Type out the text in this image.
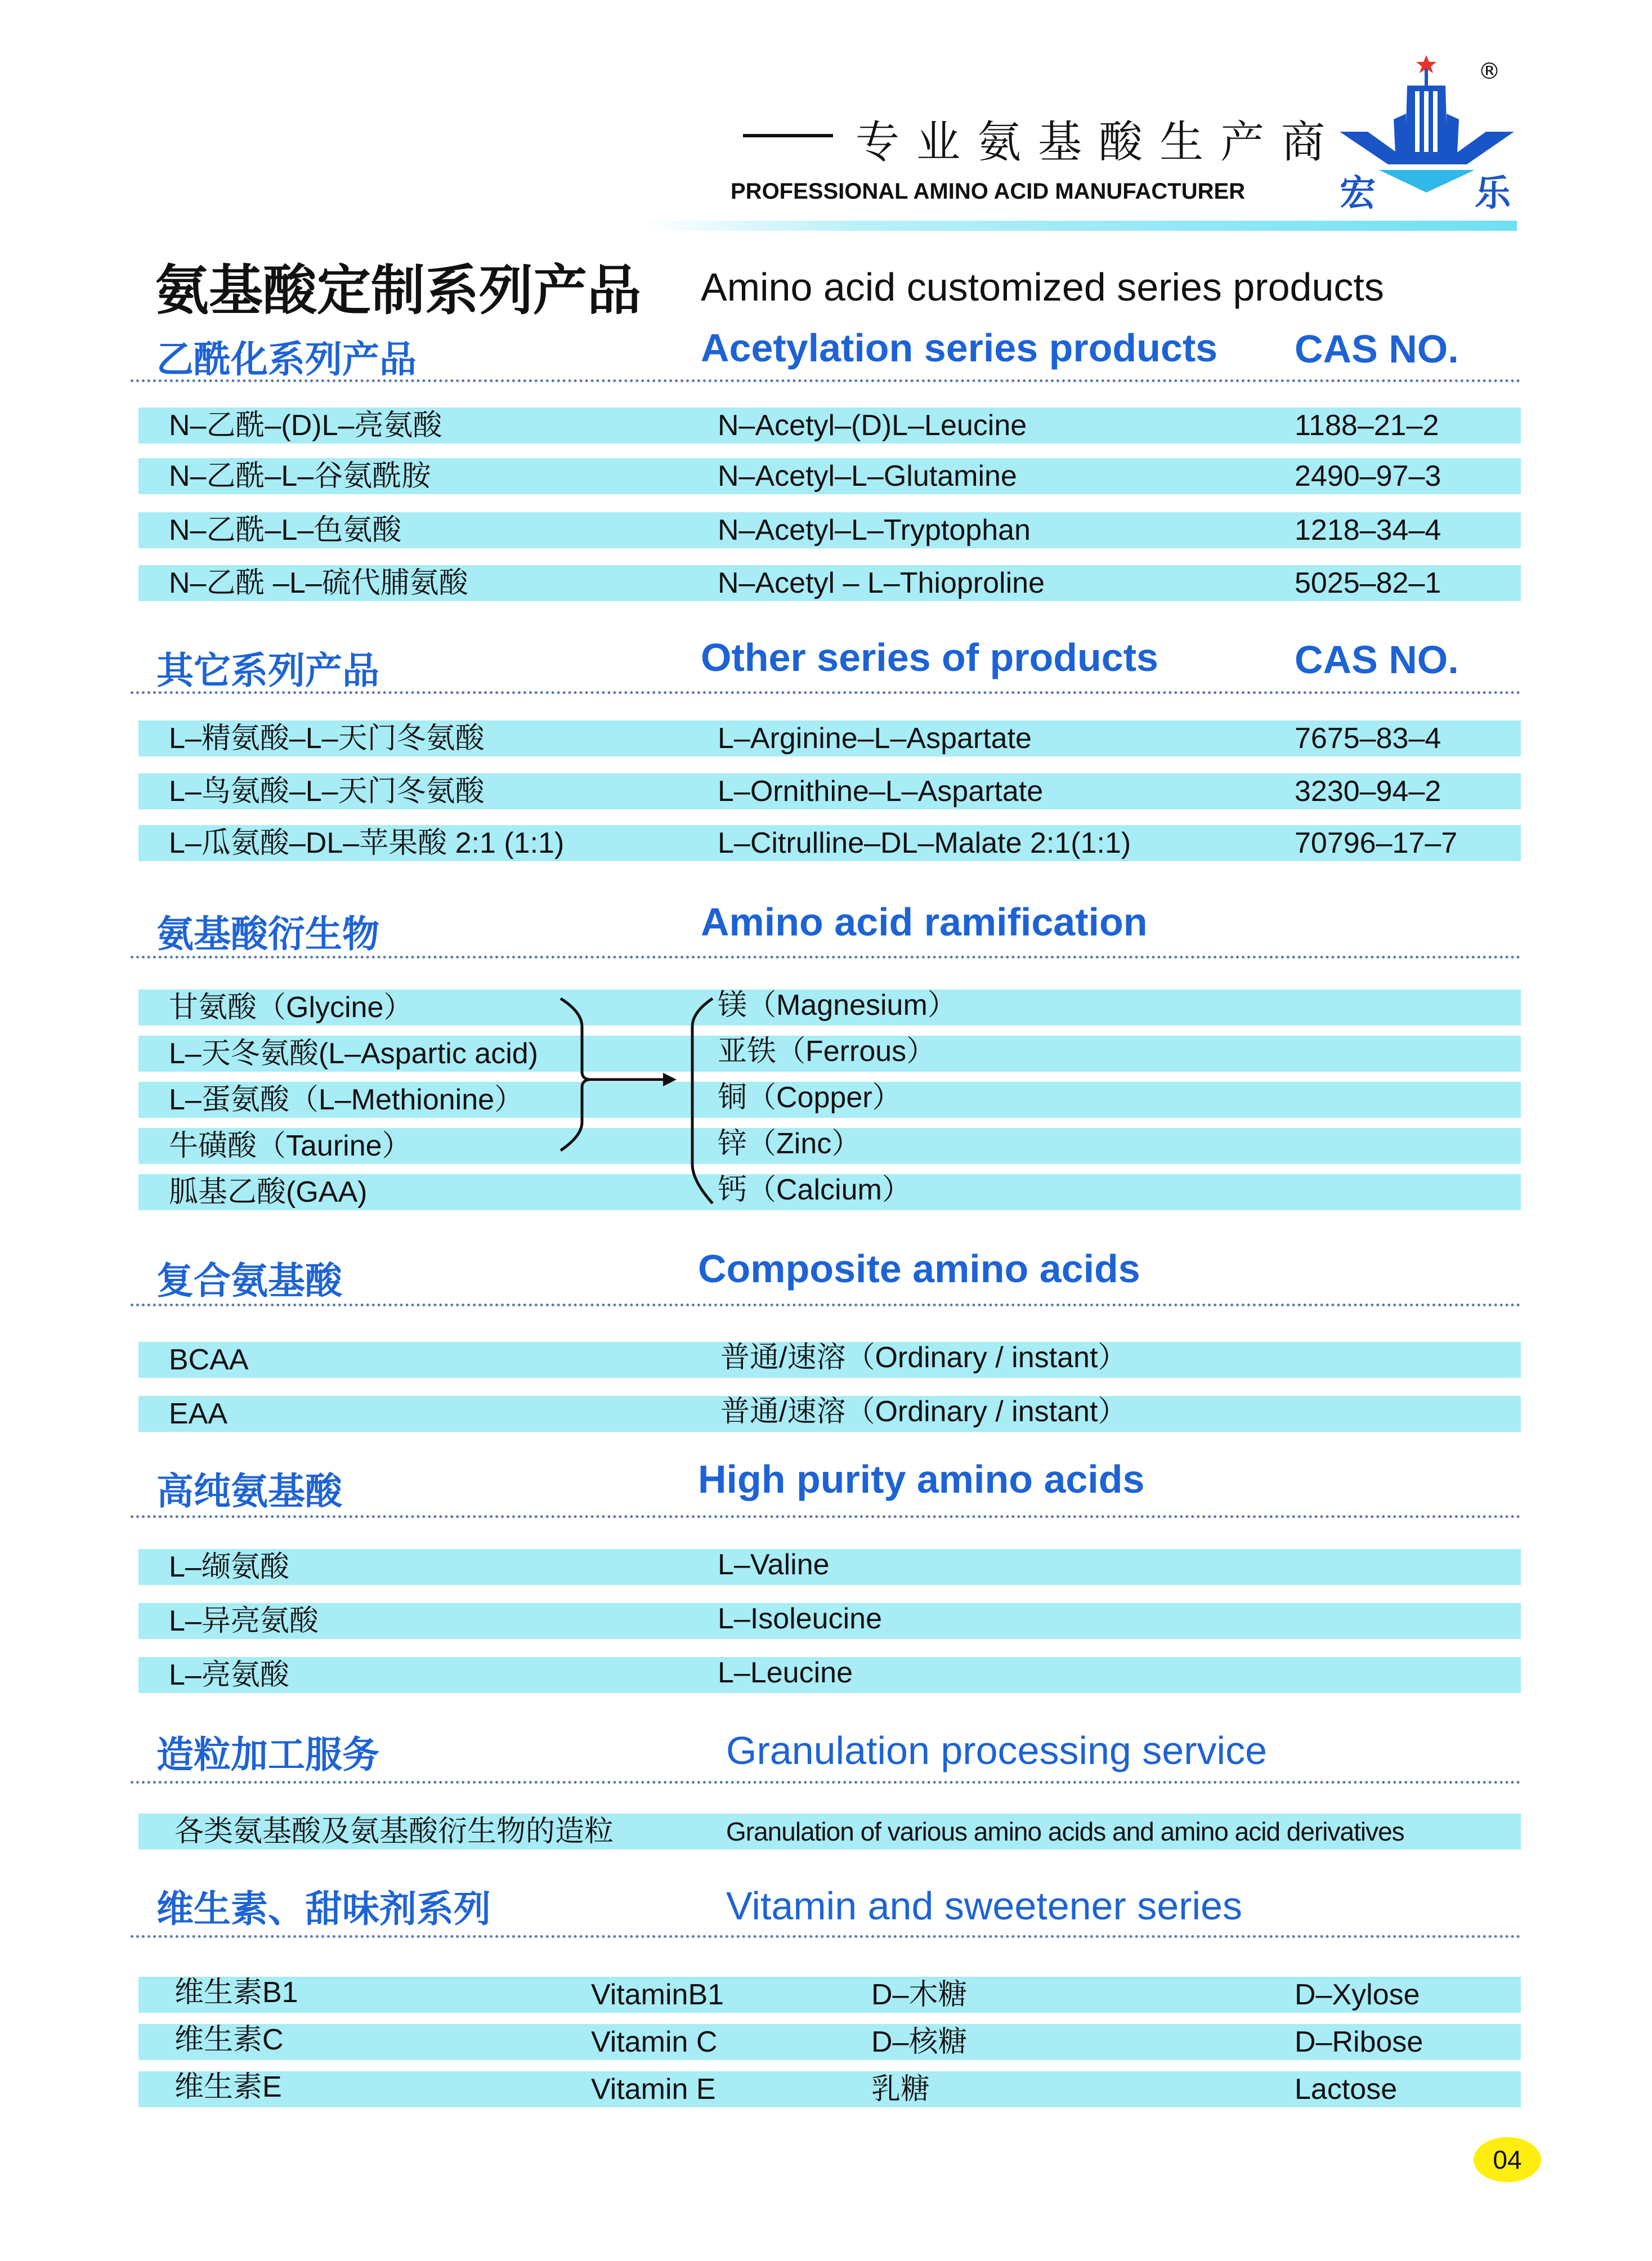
专业氨基酸生产商
PROFESSIONAL AMINO ACID MANUFACTURER	宏	乐
®
氨基酸定制系列产品 Amino acid customized series products
乙酰化系列产品	Acetylation series products CAS NO.
N–乙酰–(D)L–亮氨酸	N–Acetyl–(D)L–Leucine	1188–21–2
N–乙酰–L–谷氨酰胺	N–Acetyl–L–Glutamine	2490–97–3
N–乙酰–L–色氨酸	N–Acetyl–L–Tryptophan	1218–34–4
N–乙酰 –L–硫代脯氨酸	N–Acetyl – L–Thioproline	5025–82–1
其它系列产品	Other series of products	CAS NO.
L–精氨酸–L–天门冬氨酸	L–Arginine–L–Aspartate	7675–83–4
L–鸟氨酸–L–天门冬氨酸	L–Ornithine–L–Aspartate	3230–94–2
L–瓜氨酸–DL–苹果酸 2:1 (1:1)	L–Citrulline–DL–Malate 2:1(1:1)	70796–17–7
氨基酸衍生物	Amino acid ramification
甘氨酸（Glycine）
L–天冬氨酸(L–Aspartic acid)
L–蛋氨酸（L–Methionine）
牛磺酸（Taurine）
胍基乙酸(GAA)
镁（Magnesium）
亚铁（Ferrous）
铜（Copper）
锌（Zinc）
钙（Calcium）
复合氨基酸	Composite amino acids
BCAA	普通/速溶（Ordinary / instant）
EAA	普通/速溶（Ordinary / instant）
高纯氨基酸	High purity amino acids
L–缬氨酸	L–Valine
L–异亮氨酸	L–Isoleucine
L–亮氨酸	L–Leucine
造粒加工服务	Granulation processing service
各类氨基酸及氨基酸衍生物的造粒	Granulation of various amino acids and amino acid derivatives
维生素、甜味剂系列	Vitamin and sweetener series
维生素B1	VitaminB1	D–木糖	D–Xylose
维生素C	Vitamin C	D–核糖	D–Ribose
维生素E	Vitamin E	乳糖	Lactose
04
